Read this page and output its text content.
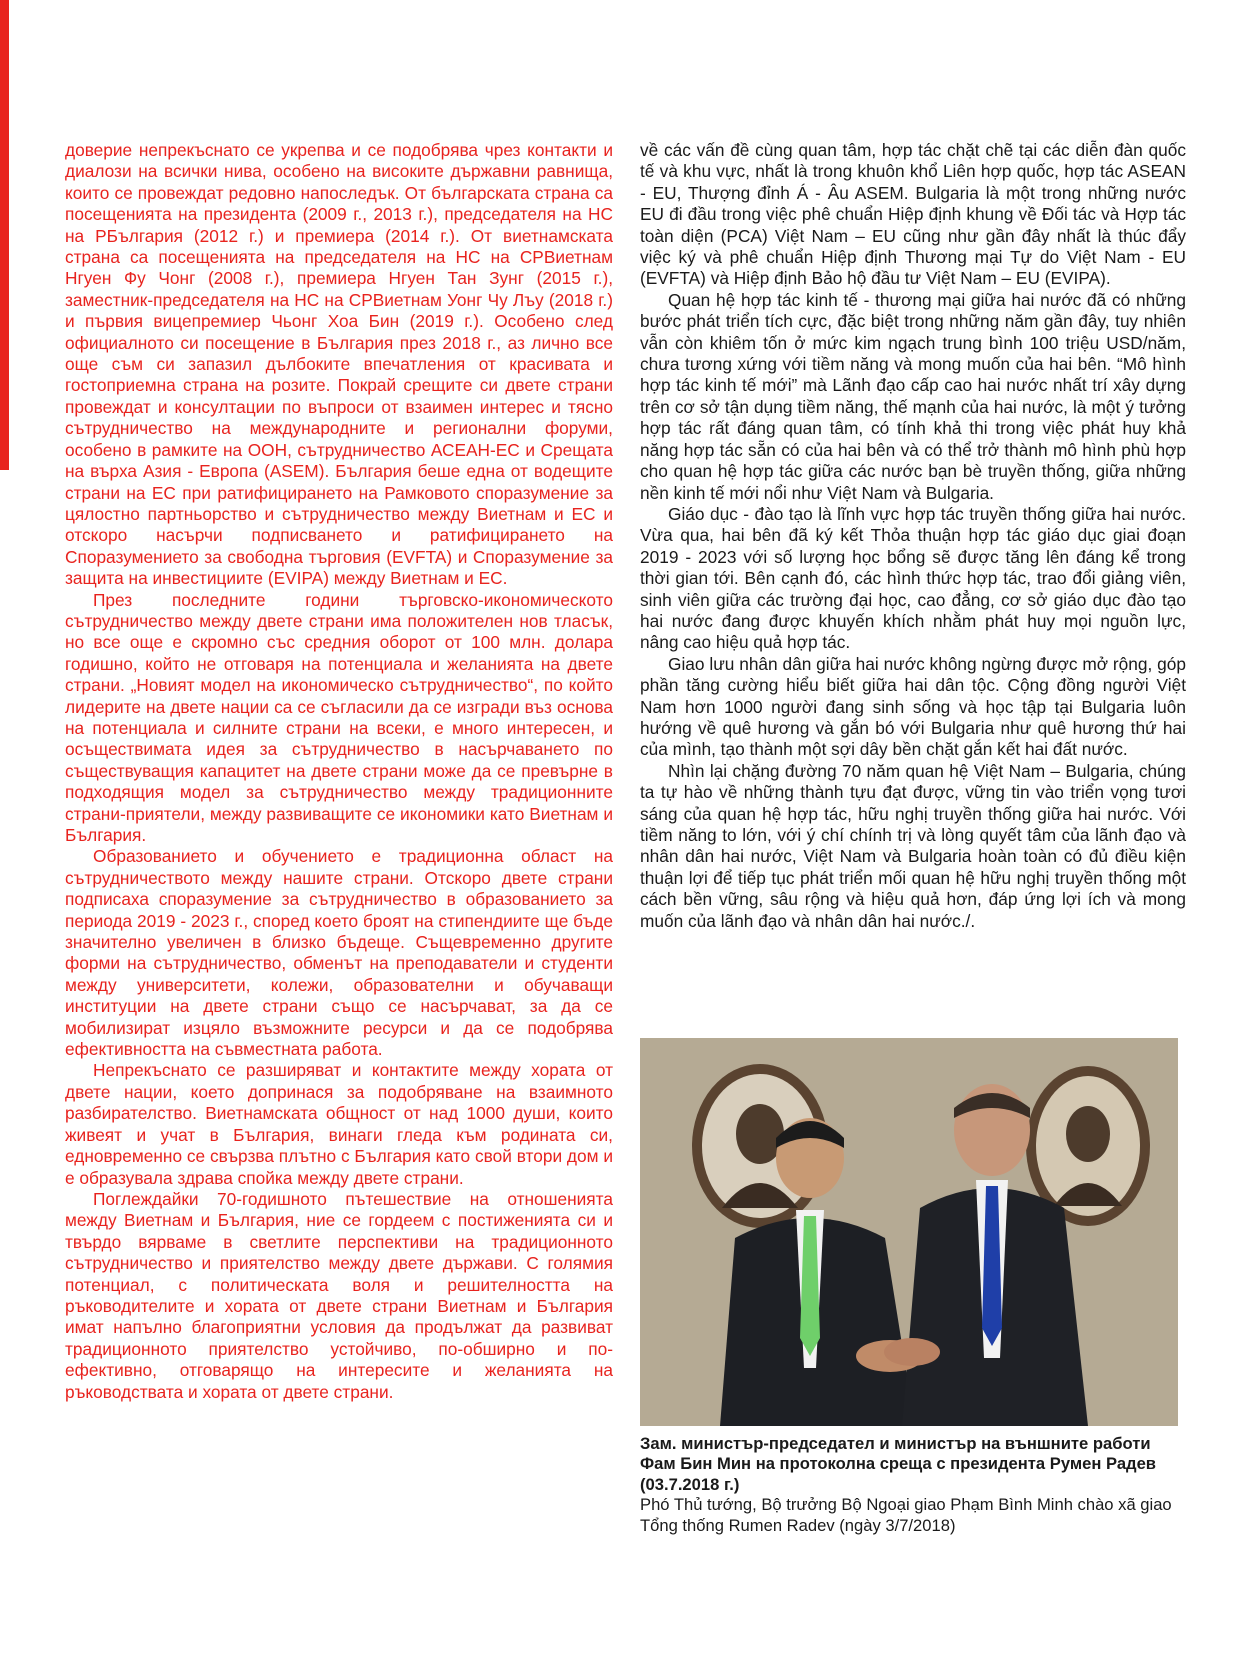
доверие непрекъснато се укрепва и се подобрява чрез контакти и диалози на всички нива, особено на високите държавни равнища, които се провеждат редовно напоследък. От българската страна са посещенията на президента (2009 г., 2013 г.), председателя на НС на РБългария (2012 г.) и премиера (2014 г.). От виетнамската страна са посещенията на председателя на НС на СРВиетнам Нгуен Фу Чонг (2008 г.), премиера Нгуен Тан Зунг (2015 г.), заместник-председателя на НС на СРВиетнам Уонг Чу Лъу (2018 г.) и първия вицепремиер Чьонг Хоа Бин (2019 г.). Особено след официалното си посещение в България през 2018 г., аз лично все още съм си запазил дълбоките впечатления от красивата и гостоприемна страна на розите. Покрай срещите си двете страни провеждат и консултации по въпроси от взаимен интерес и тясно сътрудничество на международните и регионални форуми, особено в рамките на ООН, сътрудничество АСЕАН-ЕС и Срещата на върха Азия - Европа (ASEM). България беше една от водещите страни на ЕС при ратифицирането на Рамковото споразумение за цялостно партньорство и сътрудничество между Виетнам и ЕС и отскоро насърчи подписването и ратифицирането на Споразумението за свободна търговия (EVFTA) и Споразумение за защита на инвестициите (EVIPA) между Виетнам и ЕС.

През последните години търговско-икономическото сътрудничество между двете страни има положителен нов тласък, но все още е скромно със средния оборот от 100 млн. долара годишно, който не отговаря на потенциала и желанията на двете страни. „Новият модел на икономическо сътрудничество“, по който лидерите на двете нации са се съгласили да се изгради въз основа на потенциала и силните страни на всеки, е много интересен, и осъществимата идея за сътрудничество в насърчаването по съществуващия капацитет на двете страни може да се превърне в подходящия модел за сътрудничество между традиционните страни-приятели, между развиващите се икономики като Виетнам и България.

Образованието и обучението е традиционна област на сътрудничеството между нашите страни. Отскоро двете страни подписаха споразумение за сътрудничество в образованието за периода 2019 - 2023 г., според което броят на стипендиите ще бъде значително увеличен в близко бъдеще. Същевременно другите форми на сътрудничество, обменът на преподаватели и студенти между университети, колежи, образователни и обучаващи институции на двете страни също се насърчават, за да се мобилизират изцяло възможните ресурси и да се подобрява ефективността на съвместната работа.

Непрекъснато се разширяват и контактите между хората от двете нации, което допринася за подобряване на взаимното разбирателство. Виетнамската общност от над 1000 души, които живеят и учат в България, винаги гледа към родината си, едновременно се свързва плътно с България като свой втори дом и е образувала здрава спойка между двете страни.

Поглеждайки 70-годишното пътешествие на отношенията между Виетнам и България, ние се гордеем с постиженията си и твърдо вярваме в светлите перспективи на традиционното сътрудничество и приятелство между двете държави. С голямия потенциал, с политическата воля и решителността на ръководителите и хората от двете страни Виетнам и България имат напълно благоприятни условия да продължат да развиват традиционното приятелство устойчиво, по-обширно и по-ефективно, отговарящо на интересите и желанията на ръководствата и хората от двете страни.

về các vấn đề cùng quan tâm, hợp tác chặt chẽ tại các diễn đàn quốc tế và khu vực, nhất là trong khuôn khổ Liên hợp quốc, hợp tác ASEAN - EU, Thượng đỉnh Á - Âu ASEM. Bulgaria là một trong những nước EU đi đầu trong việc phê chuẩn Hiệp định khung về Đối tác và Hợp tác toàn diện (PCA) Việt Nam – EU cũng như gần đây nhất là thúc đẩy việc ký và phê chuẩn Hiệp định Thương mại Tự do Việt Nam - EU (EVFTA) và Hiệp định Bảo hộ đầu tư Việt Nam – EU (EVIPA).

Quan hệ hợp tác kinh tế - thương mại giữa hai nước đã có những bước phát triển tích cực, đặc biệt trong những năm gần đây, tuy nhiên vẫn còn khiêm tốn ở mức kim ngạch trung bình 100 triệu USD/năm, chưa tương xứng với tiềm năng và mong muốn của hai bên. “Mô hình hợp tác kinh tế mới” mà Lãnh đạo cấp cao hai nước nhất trí xây dựng trên cơ sở tận dụng tiềm năng, thế mạnh của hai nước, là một ý tưởng hợp tác rất đáng quan tâm, có tính khả thi trong việc phát huy khả năng hợp tác sẵn có của hai bên và có thể trở thành mô hình phù hợp cho quan hệ hợp tác giữa các nước bạn bè truyền thống, giữa những nền kinh tế mới nổi như Việt Nam và Bulgaria.

Giáo dục - đào tạo là lĩnh vực hợp tác truyền thống giữa hai nước. Vừa qua, hai bên đã ký kết Thỏa thuận hợp tác giáo dục giai đoạn 2019 - 2023 với số lượng học bổng sẽ được tăng lên đáng kể trong thời gian tới. Bên cạnh đó, các hình thức hợp tác, trao đổi giảng viên, sinh viên giữa các trường đại học, cao đẳng, cơ sở giáo dục đào tạo hai nước đang được khuyến khích nhằm phát huy mọi nguồn lực, nâng cao hiệu quả hợp tác.

Giao lưu nhân dân giữa hai nước không ngừng được mở rộng, góp phần tăng cường hiểu biết giữa hai dân tộc. Cộng đồng người Việt Nam hơn 1000 người đang sinh sống và học tập tại Bulgaria luôn hướng về quê hương và gắn bó với Bulgaria như quê hương thứ hai của mình, tạo thành một sợi dây bền chặt gắn kết hai đất nước.

Nhìn lại chặng đường 70 năm quan hệ Việt Nam – Bulgaria, chúng ta tự hào về những thành tựu đạt được, vững tin vào triển vọng tươi sáng của quan hệ hợp tác, hữu nghị truyền thống giữa hai nước. Với tiềm năng to lớn, với ý chí chính trị và lòng quyết tâm của lãnh đạo và nhân dân hai nước, Việt Nam và Bulgaria hoàn toàn có đủ điều kiện thuận lợi để tiếp tục phát triển mối quan hệ hữu nghị truyền thống một cách bền vững, sâu rộng và hiệu quả hơn, đáp ứng lợi ích và mong muốn của lãnh đạo và nhân dân hai nước./.

Зам. министър-председател и министър на външните работи Фам Бин Мин на протоколна среща с президента Румен Радев (03.7.2018 г.)

Phó Thủ tướng, Bộ trưởng Bộ Ngoại giao Phạm Bình Minh chào xã giao Tổng thống Rumen Radev (ngày 3/7/2018)
